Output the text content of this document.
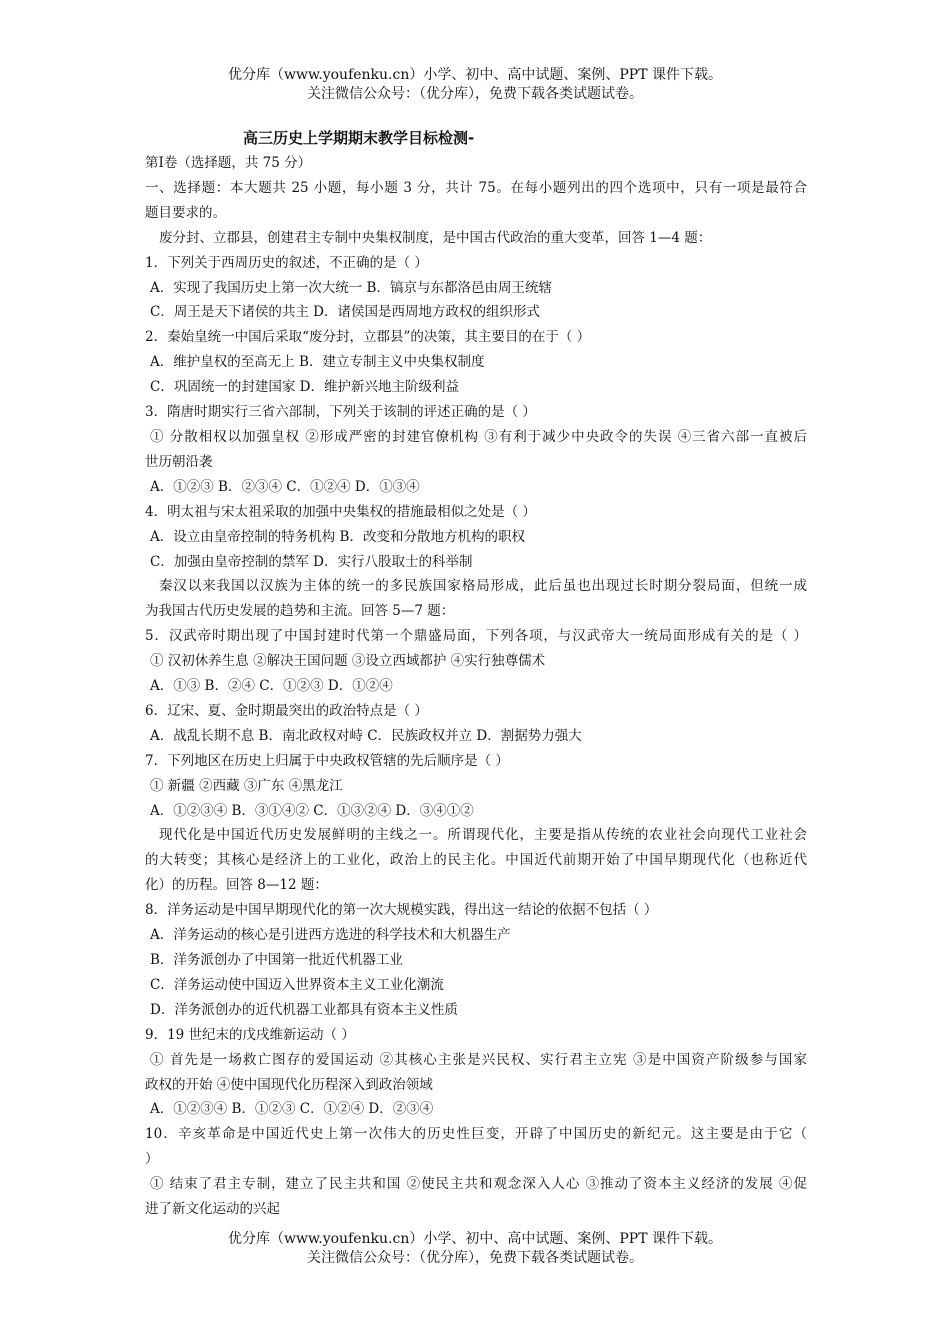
优分库（www.youfenku.cn）小学、初中、高中试题、案例、PPT 课件下载。
关注微信公众号：（优分库），免费下载各类试题试卷。
高三历史上学期期末教学目标检测-

第Ⅰ卷（选择题，共 75 分）

一、选择题：本大题共 25 小题，每小题 3 分，共计 75。在每小题列出的四个选项中，只有一项是最符合

题目要求的。

废分封、立郡县，创建君主专制中央集权制度，是中国古代政治的重大变革，回答 1—4 题：

1．下列关于西周历史的叙述，不正确的是（ ）

A．实现了我国历史上第一次大统一 B．镐京与东都洛邑由周王统辖

C．周王是天下诸侯的共主 D．诸侯国是西周地方政权的组织形式

2．秦始皇统一中国后采取“废分封，立郡县”的决策，其主要目的在于（ ）

A．维护皇权的至高无上 B．建立专制主义中央集权制度

C．巩固统一的封建国家 D．维护新兴地主阶级利益

3．隋唐时期实行三省六部制，下列关于该制的评述正确的是（ ）

① 分散相权以加强皇权 ②形成严密的封建官僚机构 ③有利于减少中央政令的失误 ④三省六部一直被后

世历朝沿袭

A．①②③ B．②③④ C．①②④ D．①③④

4．明太祖与宋太祖采取的加强中央集权的措施最相似之处是（ ）

A．设立由皇帝控制的特务机构 B．改变和分散地方机构的职权

C．加强由皇帝控制的禁军 D．实行八股取士的科举制

秦汉以来我国以汉族为主体的统一的多民族国家格局形成，此后虽也出现过长时期分裂局面，但统一成

为我国古代历史发展的趋势和主流。回答 5—7 题：

5．汉武帝时期出现了中国封建时代第一个鼎盛局面，下列各项，与汉武帝大一统局面形成有关的是（ ）

① 汉初休养生息 ②解决王国问题 ③设立西域都护 ④实行独尊儒术

A．①③ B．②④ C．①②③ D．①②④

6．辽宋、夏、金时期最突出的政治特点是（ ）

A．战乱长期不息 B．南北政权对峙 C．民族政权并立 D．割据势力强大

7．下列地区在历史上归属于中央政权管辖的先后顺序是（ ）

① 新疆 ②西藏 ③广东 ④黑龙江

A．①②③④ B．③①④② C．①③②④ D．③④①②

现代化是中国近代历史发展鲜明的主线之一。所谓现代化，主要是指从传统的农业社会向现代工业社会

的大转变；其核心是经济上的工业化，政治上的民主化。中国近代前期开始了中国早期现代化（也称近代

化）的历程。回答 8—12 题：

8．洋务运动是中国早期现代化的第一次大规模实践，得出这一结论的依据不包括（ ）

A．洋务运动的核心是引进西方选进的科学技术和大机器生产

B．洋务派创办了中国第一批近代机器工业

C．洋务运动使中国迈入世界资本主义工业化潮流

D．洋务派创办的近代机器工业都具有资本主义性质

9．19 世纪末的戊戌维新运动（ ）

① 首先是一场救亡图存的爱国运动 ②其核心主张是兴民权、实行君主立宪 ③是中国资产阶级参与国家

政权的开始 ④使中国现代化历程深入到政治领域

A．①②③④ B．①②③ C．①②④ D．②③④

10．辛亥革命是中国近代史上第一次伟大的历史性巨变，开辟了中国历史的新纪元。这主要是由于它（

）

① 结束了君主专制，建立了民主共和国 ②使民主共和观念深入人心 ③推动了资本主义经济的发展 ④促

进了新文化运动的兴起

优分库（www.youfenku.cn）小学、初中、高中试题、案例、PPT 课件下载。
关注微信公众号：（优分库），免费下载各类试题试卷。
